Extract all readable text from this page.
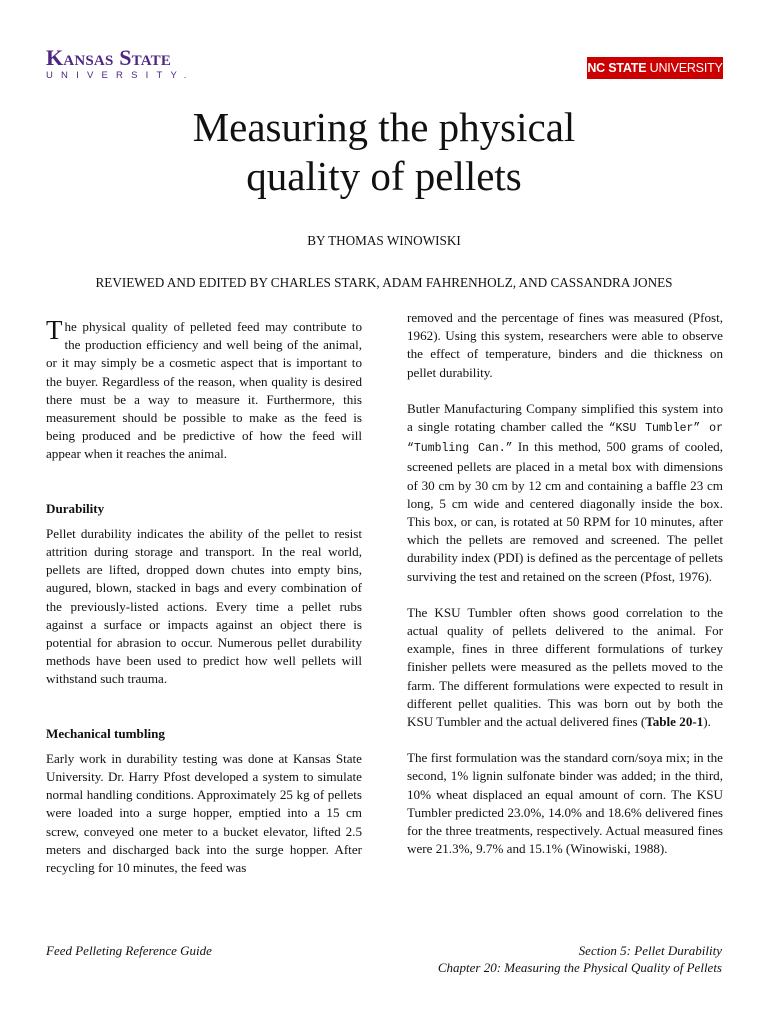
Kansas State
UNIVERSITY.
NC STATE UNIVERSITY
Measuring the physical
quality of pellets
BY THOMAS WINOWISKI
REVIEWED AND EDITED BY CHARLES STARK, ADAM FAHRENHOLZ, AND CASSANDRA JONES

The physical quality of pelleted feed may contribute to the production efficiency and well being of the animal, or it may simply be a cosmetic aspect that is important to the buyer. Regardless of the reason, when quality is desired there must be a way to measure it. Furthermore, this measurement should be possible to make as the feed is being produced and be predictive of how the feed will appear when it reaches the animal.

Durability

Pellet durability indicates the ability of the pellet to resist attrition during storage and transport. In the real world, pellets are lifted, dropped down chutes into empty bins, augured, blown, stacked in bags and every combination of the previously-listed actions. Every time a pellet rubs against a surface or impacts against an object there is potential for abrasion to occur. Numerous pellet durability methods have been used to predict how well pellets will withstand such trauma.

Mechanical tumbling

Early work in durability testing was done at Kansas State University. Dr. Harry Pfost developed a system to simulate normal handling conditions. Approximately 25 kg of pellets were loaded into a surge hopper, emptied into a 15 cm screw, conveyed one meter to a bucket elevator, lifted 2.5 meters and discharged back into the surge hopper. After recycling for 10 minutes, the feed was

removed and the percentage of fines was measured (Pfost, 1962). Using this system, researchers were able to observe the effect of temperature, binders and die thickness on pellet durability.

Butler Manufacturing Company simplified this system into a single rotating chamber called the “KSU Tumbler” or “Tumbling Can.” In this method, 500 grams of cooled, screened pellets are placed in a metal box with dimensions of 30 cm by 30 cm by 12 cm and containing a baffle 23 cm long, 5 cm wide and centered diagonally inside the box. This box, or can, is rotated at 50 RPM for 10 minutes, after which the pellets are removed and screened. The pellet durability index (PDI) is defined as the percentage of pellets surviving the test and retained on the screen (Pfost, 1976).

The KSU Tumbler often shows good correlation to the actual quality of pellets delivered to the animal. For example, fines in three different formulations of turkey finisher pellets were measured as the pellets moved to the farm. The different formulations were expected to result in different pellet qualities. This was born out by both the KSU Tumbler and the actual delivered fines (Table 20-1).

The first formulation was the standard corn/soya mix; in the second, 1% lignin sulfonate binder was added; in the third, 10% wheat displaced an equal amount of corn. The KSU Tumbler predicted 23.0%, 14.0% and 18.6% delivered fines for the three treatments, respectively. Actual measured fines were 21.3%, 9.7% and 15.1% (Winowiski, 1988).

Feed Pelleting Reference Guide	Section 5: Pellet Durability
Chapter 20: Measuring the Physical Quality of Pellets
